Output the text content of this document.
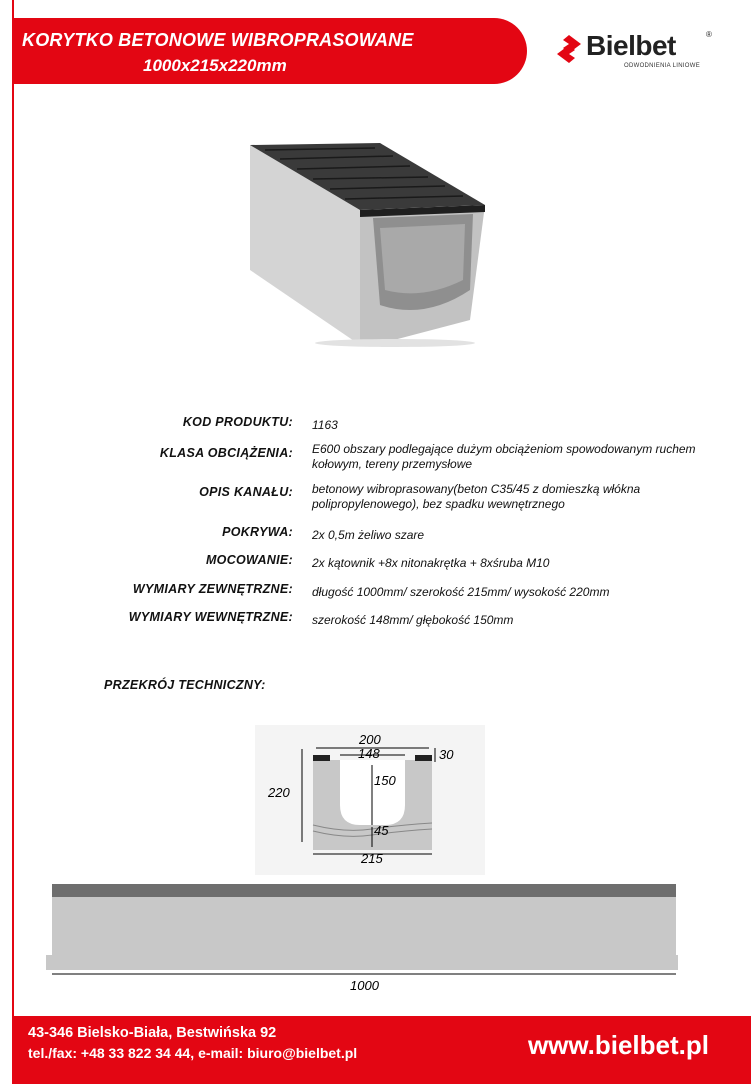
KORYTKO BETONOWE WIBROPRASOWANE
1000x215x220mm
Bielbet	®
ODWODNIENIA LINIOWE
KOD PRODUKTU: 1163
KLASA OBCIĄŻENIA: E600 obszary podlegające dużym obciążeniom spowodowanym ruchem kołowym, tereny przemysłowe
OPIS KANAŁU: betonowy wibroprasowany(beton C35/45 z domieszką włókna polipropylenowego), bez spadku wewnętrznego
POKRYWA: 2x 0,5m żeliwo szare
MOCOWANIE: 2x kątownik +8x nitonakrętka + 8xśruba M10
WYMIARY ZEWNĘTRZNE: długość 1000mm/ szerokość 215mm/ wysokość 220mm
WYMIARY WEWNĘTRZNE: szerokość 148mm/ głębokość 150mm
PRZEKRÓJ TECHNICZNY:
200
148	30
220
150
45
215
1000
43-346 Bielsko-Biała, Bestwińska 92
tel./fax: +48 33 822 34 44, e-mail: biuro@bielbet.pl	www.bielbet.pl
